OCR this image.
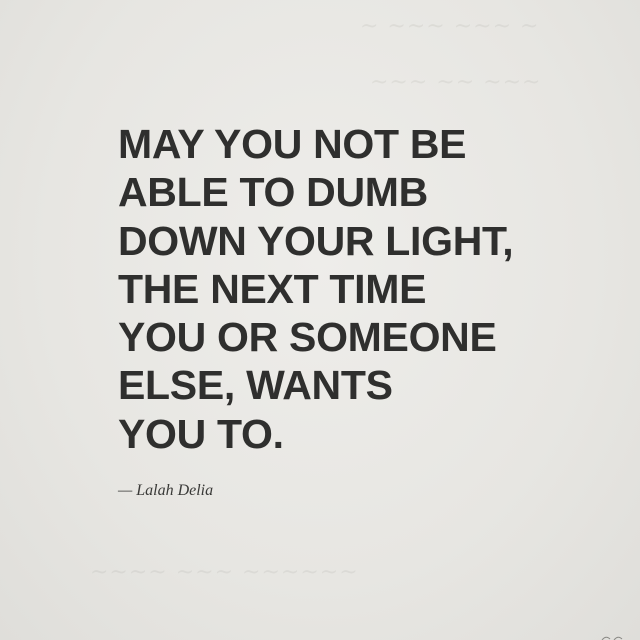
~ ~~~ ~~~ ~
~~~ ~~ ~~~
~~~~ ~~~ ~~~~~~
MAY YOU NOT BE
ABLE TO DUMB
DOWN YOUR LIGHT,
THE NEXT TIME
YOU OR SOMEONE
ELSE, WANTS
YOU TO.
— Lalah Delia
